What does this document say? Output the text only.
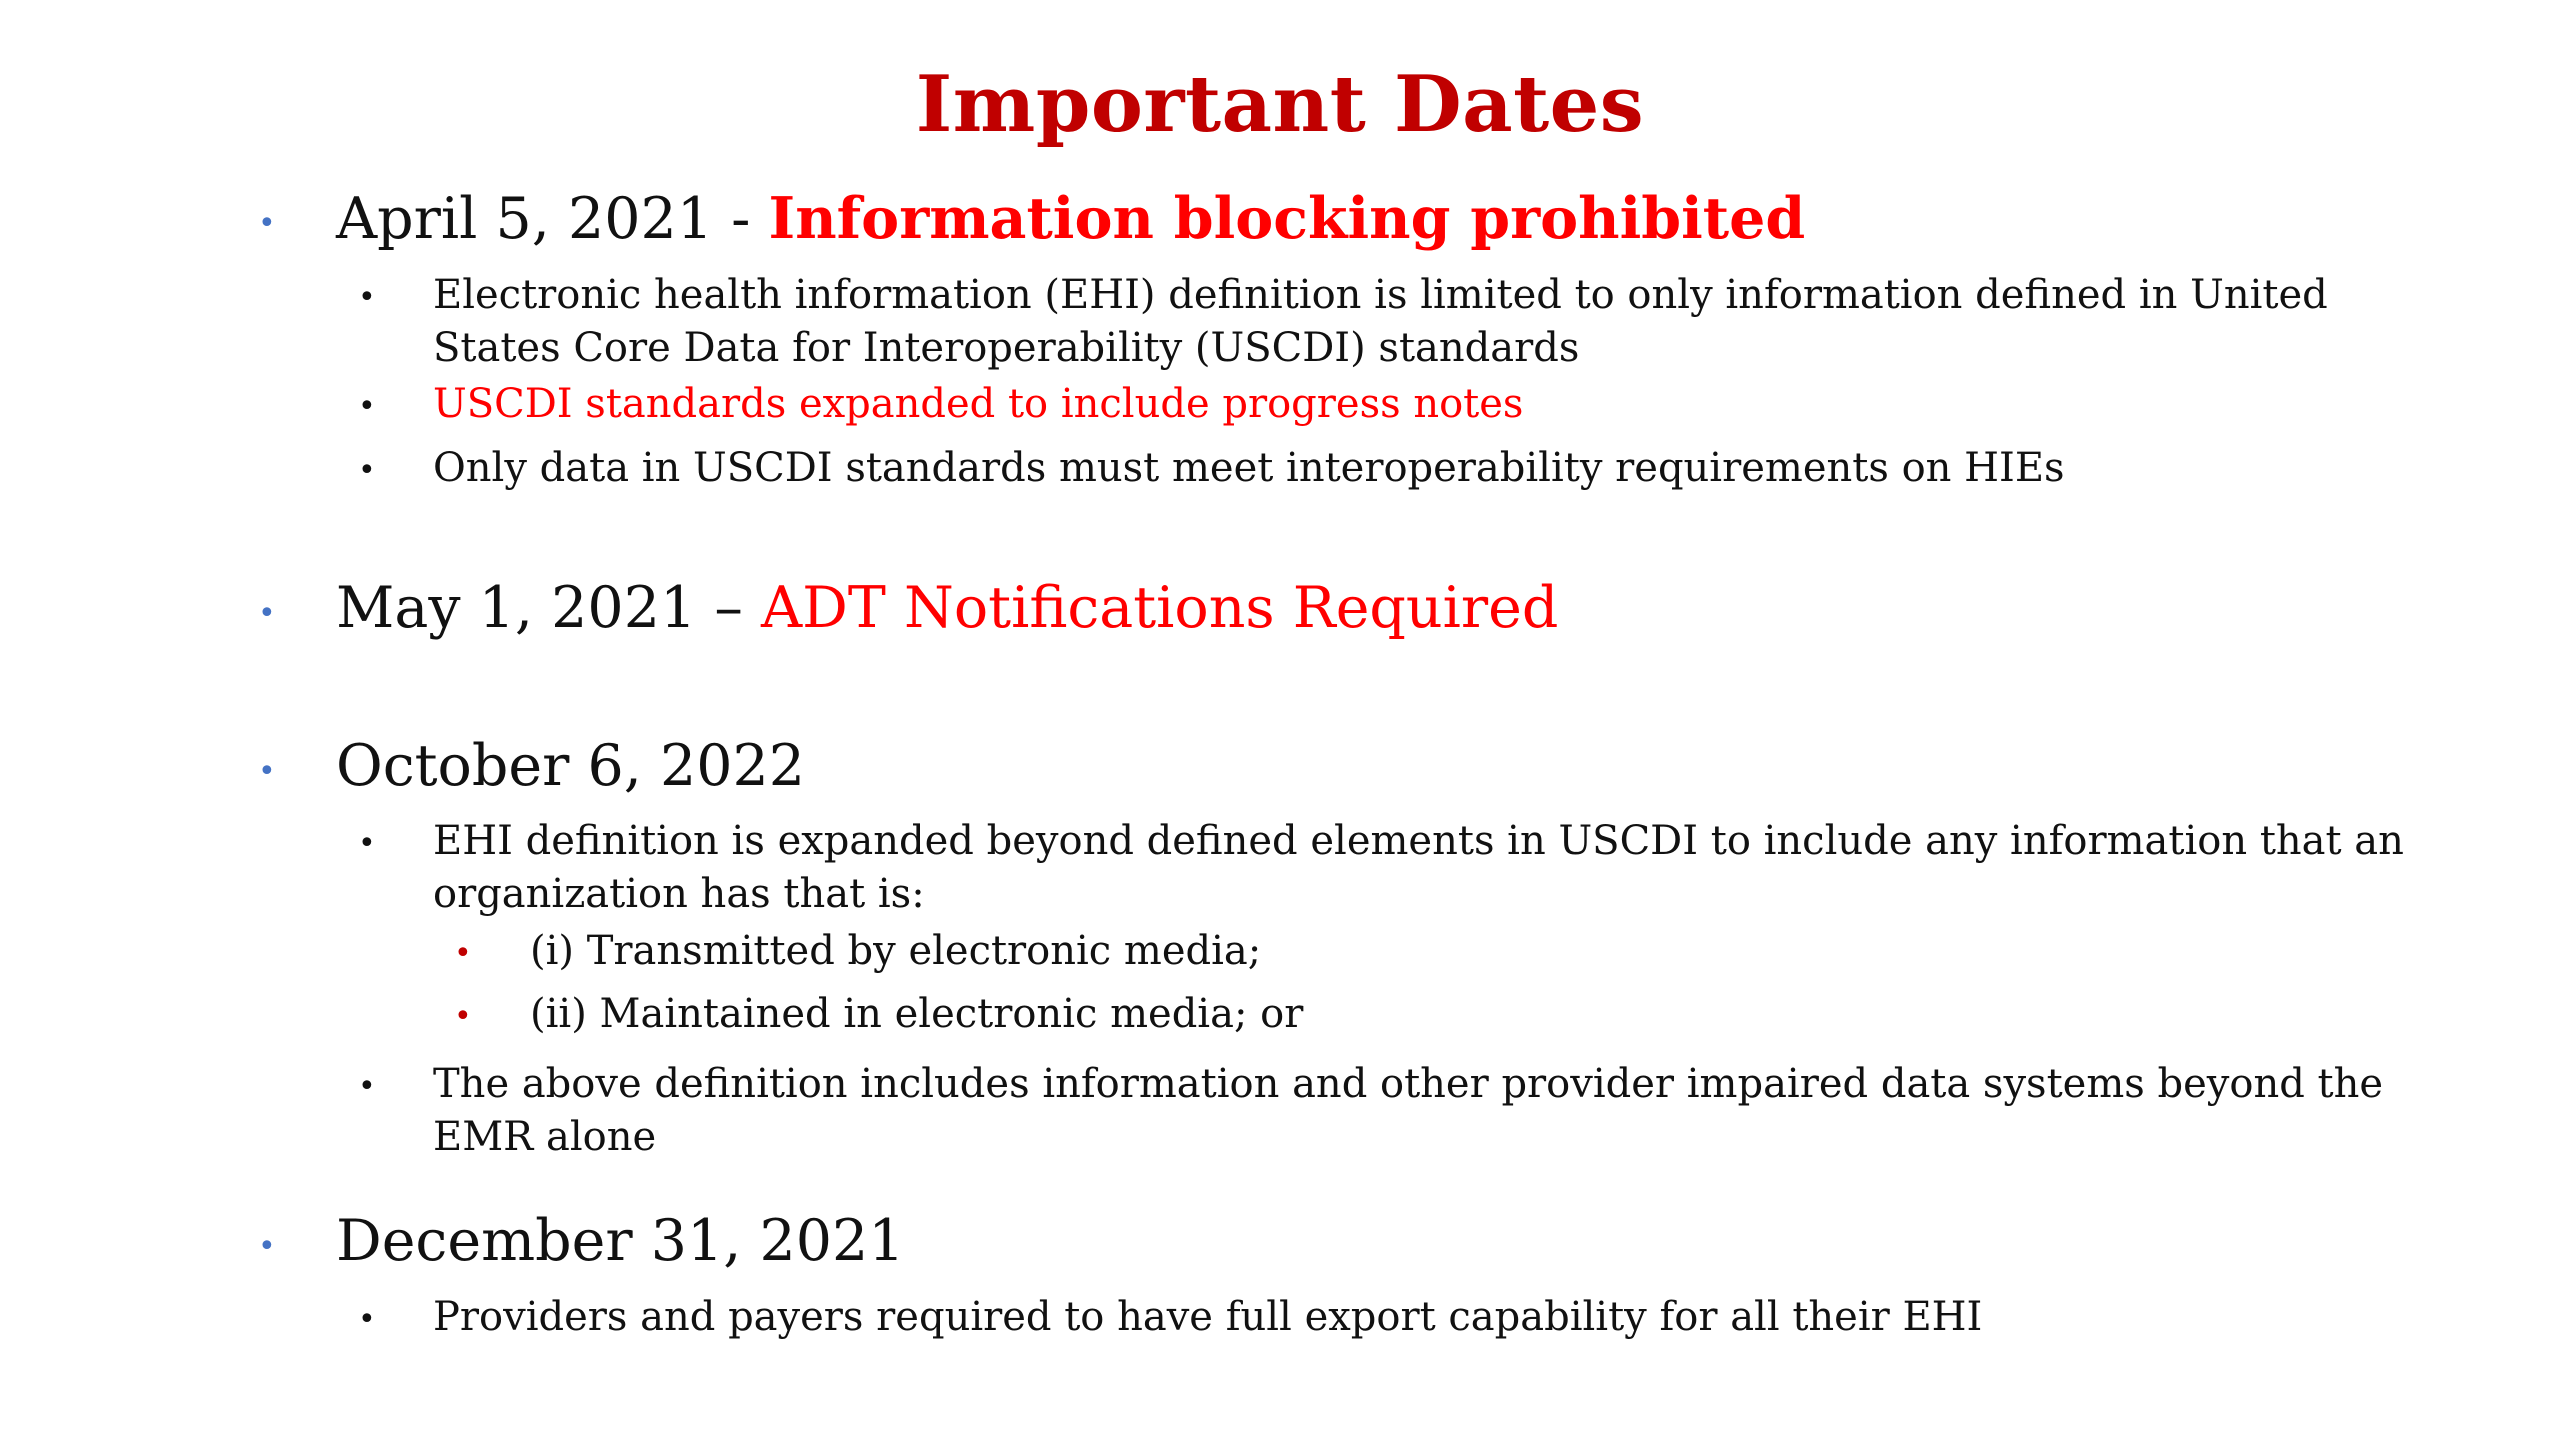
Important Dates
• April 5, 2021 - Information blocking prohibited
• Electronic health information (EHI) definition is limited to only information defined in United States Core Data for Interoperability (USCDI) standards
• USCDI standards expanded to include progress notes
• Only data in USCDI standards must meet interoperability requirements on HIEs
• May 1, 2021 – ADT Notifications Required
• October 6, 2022
• EHI definition is expanded beyond defined elements in USCDI to include any information that an organization has that is:
• (i) Transmitted by electronic media;
• (ii) Maintained in electronic media; or
• The above definition includes information and other provider impaired data systems beyond the EMR alone
• December 31, 2021
• Providers and payers required to have full export capability for all their EHI
